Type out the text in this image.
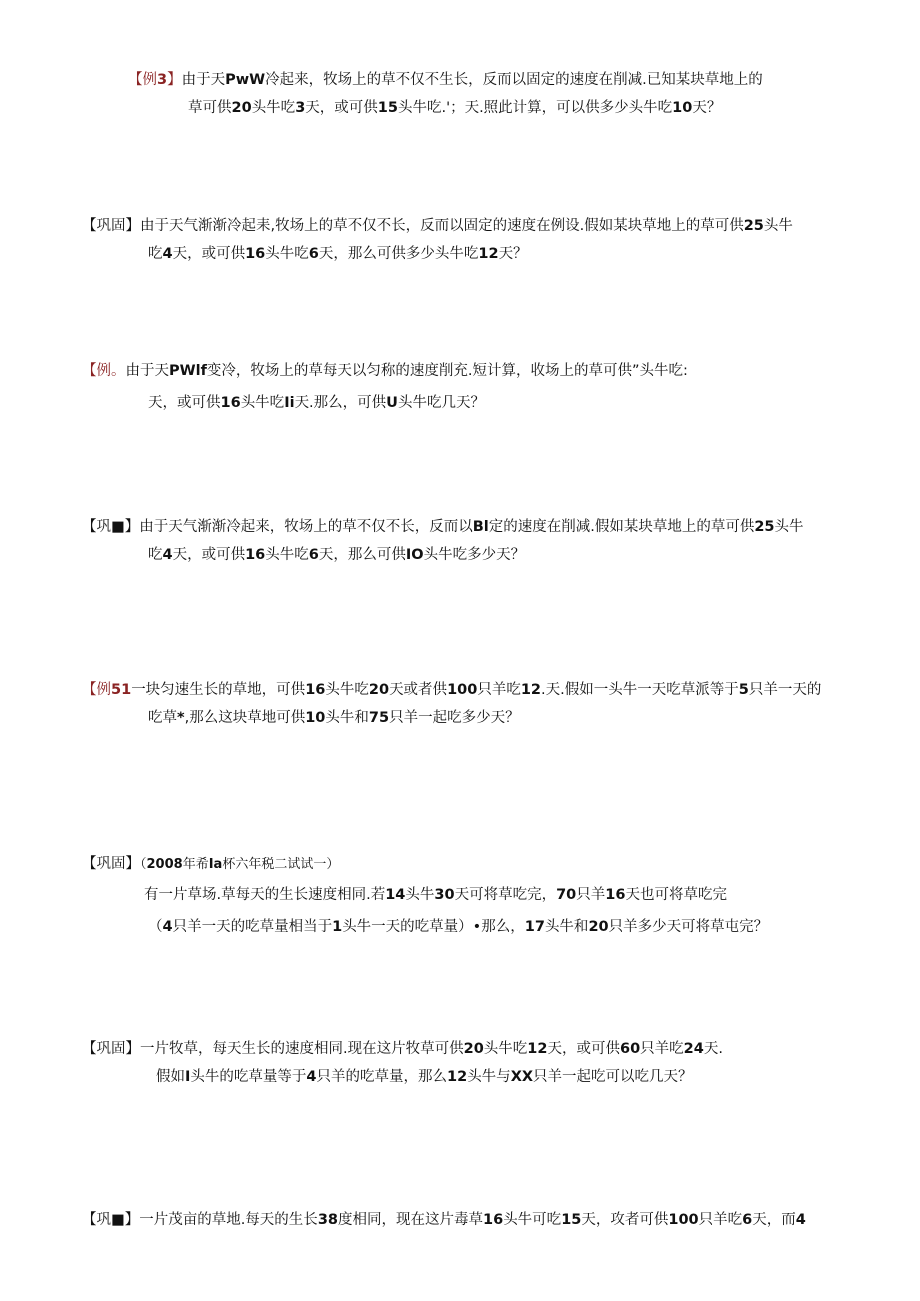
【例3】由于天PwW冷起来，牧场上的草不仅不生长，反而以固定的速度在削减.已知某块草地上的
草可供20头牛吃3天，或可供15头牛吃.'；天.照此计算，可以供多少头牛吃10天？
【巩固】由于天气渐渐冷起耒,牧场上的草不仅不长，反而以固定的速度在例设.假如某块草地上的草可供25头牛
吃4天，或可供16头牛吃6天，那么可供多少头牛吃12天？
【例。由于天PWlf变冷，牧场上的草每天以匀称的速度削充.短计算，收场上的草可供”头牛吃:
天，或可供16头牛吃Ii天.那么，可供U头牛吃几天？
【巩■】由于天气渐渐冷起来，牧场上的草不仅不长，反而以Bl定的速度在削减.假如某块草地上的草可供25头牛
吃4天，或可供16头牛吃6天，那么可供IO头牛吃多少天？
【例51一块匀速生长的草地，可供16头牛吃20天或者供100只羊吃12.天.假如一头牛一天吃草派等于5只羊一天的
吃草*,那么这块草地可供10头牛和75只羊一起吃多少天？
【巩固】（2008年希Ia杯六年税二试试一）
有一片草场.草每天的生长速度相同.若14头牛30天可将草吃完，70只羊16天也可将草吃完
（4只羊一天的吃草量相当于1头牛一天的吃草量）•那么，17头牛和20只羊多少天可将草屯完？
【巩固】一片牧草，每天生长的速度相同.现在这片牧草可供20头牛吃12天，或可供60只羊吃24天.
假如I头牛的吃草量等于4只羊的吃草量，那么12头牛与XX只羊一起吃可以吃几天？
【巩■】一片茂亩的草地.每天的生长38度相同，现在这片毒草16头牛可吃15天，攻者可供100只羊吃6天，而4
